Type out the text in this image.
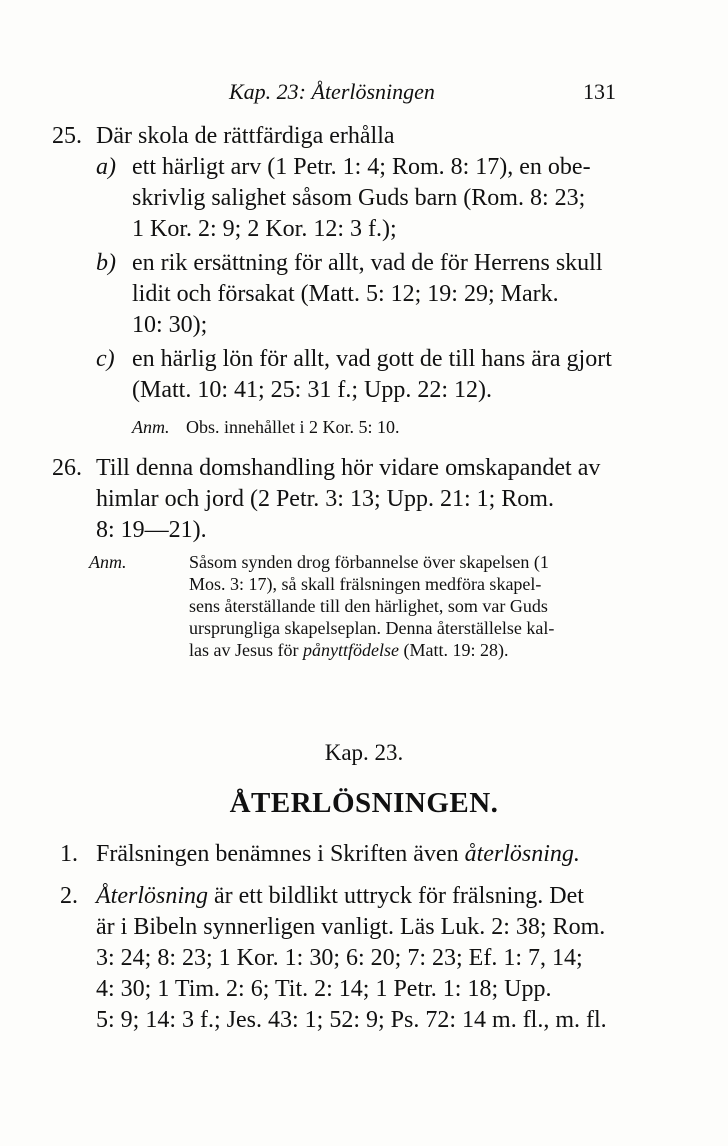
Kap. 23: Återlösningen	131
25. Där skola de rättfärdiga erhålla
a) ett härligt arv (1 Petr. 1: 4; Rom. 8: 17), en obe-
skrivlig salighet såsom Guds barn (Rom. 8: 23;
1 Kor. 2: 9; 2 Kor. 12: 3 f.);
b) en rik ersättning för allt, vad de för Herrens skull
lidit och försakat (Matt. 5: 12; 19: 29; Mark.
10: 30);
c) en härlig lön för allt, vad gott de till hans ära gjort
(Matt. 10: 41; 25: 31 f.; Upp. 22: 12).
Anm. Obs. innehållet i 2 Kor. 5: 10.
26. Till denna domshandling hör vidare omskapandet av
himlar och jord (2 Petr. 3: 13; Upp. 21: 1; Rom.
8: 19—21).
Anm.	Såsom synden drog förbannelse över skapelsen (1
Mos. 3: 17), så skall frälsningen medföra skapel-
sens återställande till den härlighet, som var Guds
ursprungliga skapelseplan. Denna återställelse kal-
las av Jesus för pånyttfödelse (Matt. 19: 28).
Kap. 23.
ÅTERLÖSNINGEN.
1. Frälsningen benämnes i Skriften även återlösning.
2. Återlösning är ett bildlikt uttryck för frälsning. Det
är i Bibeln synnerligen vanligt. Läs Luk. 2: 38; Rom.
3: 24; 8: 23; 1 Kor. 1: 30; 6: 20; 7: 23; Ef. 1: 7, 14;
4: 30; 1 Tim. 2: 6; Tit. 2: 14; 1 Petr. 1: 18; Upp.
5: 9; 14: 3 f.; Jes. 43: 1; 52: 9; Ps. 72: 14 m. fl., m. fl.
